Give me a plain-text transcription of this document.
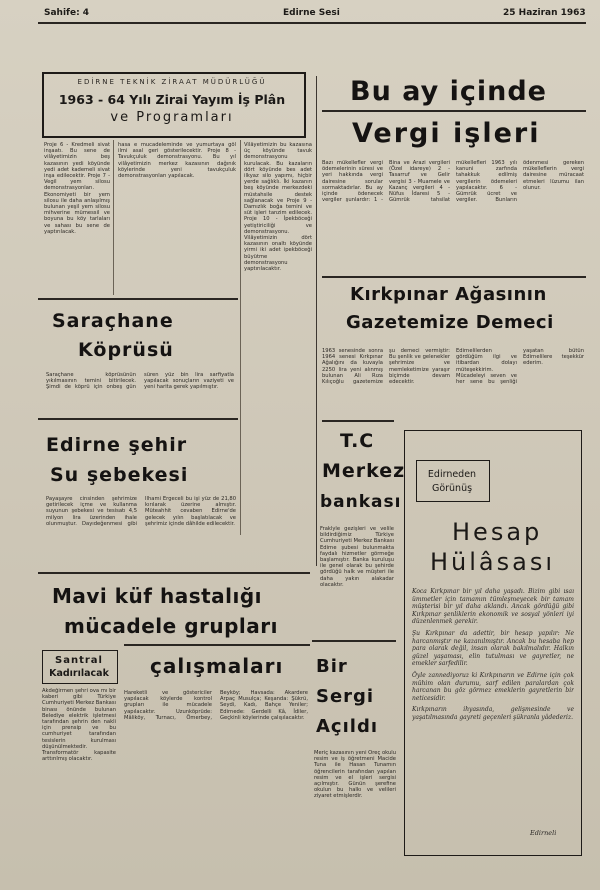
Sahife: 4	Edirne Sesi	25 Haziran 1963
EDİRNE TEKNİK ZİRAAT MÜDÜRLÜĞÜ
1963 - 64 Yılı Zirai Yayım İş Plân
ve Programları
Proje 6 - Kredmeli sivat inşaatı. Bu sene de vilâyetimizin beş kazasının yedi köyünde yedi adet kademeli sivat inşa edilecektir. Proje 7 - Vegil yem silosu demonstrasyonları. Ekonomiyeti bir yem silosu ile daha anlaşılmış bulunan yeşil yem silosu mihverine mümessil ve boyuna bu köy tarlaları ve sahası bu sene de yaptırılacak.
hasa e mucadeleminde ve yumurtaya göl ilmi asal geri gösterilecektir. Proje 8 - Tavukçuluk demonstrasyonu. Bu yıl vilâyetimizin merkez kazasının dağınık köylerinde yeni tavukçuluk demonstrasyonları yapılacak.
Vilâyetimizin bu kazasına üç köyünde tavuk demonstrasyonu kurulacak. Bu kazaların dört köyünde bes adet ilkyaz silo yapımı, hiçbir yerde sağlıklı. İki kazanın beş köyünde merkezdeki müstahsile destek sağlanacak ve Proje 9 - Damızlık boğa temini ve süt işleri tanzim edilecek. Proje 10 - İpekböceği yetiştiriciliği ve demonstrasyonu. Vilâyetimizin dört kazasının onaltı köyünde yirmi iki adet ipekböceği büyütme demonstrasyonu yaptırılacaktır.
Saraçhane
Köprüsü
Saraçhane köprüsünün yıkılmasının temini bitirilecek. Şimdi de köprü için onbeş gün süren yüz bin lira sarfiyatla yapılacak sonuçların vaziyeti ve yeni harita gerek yapılmıştır.
Edirne şehir
Su şebekesi
Payaşayre cinsinden şehrimize getirilecek içme ve kullanma suyunun şebekesi ve tesisatı 4,5 milyon lira üzerinden ihale olunmuştur. Dayıdeğenmesi gibi İlhami Ergeceli bu işi yüz de 21,80 kırılarak üzerine almıştır. Müteahhit cevaben Edirne'de gelecek yılın başlatılacak ve şehrimiz içinde dâhilde edilecektir.
Bu ay içinde
Vergi işleri
Bazı mükellefler vergi ödemelerinin süresi ve yeri hakkında vergi dairesine sorular sormaktadırlar. Bu ay içinde ödenecek vergiler şunlardır: 1 - Bina ve Arazi vergileri (Özel idareye) 2 - Tasarruf ve Gelir vergisi 3 - Muamele ve Kazanç vergileri 4 - Nüfus İdaresi 5 - Gümrük tahsilat mükellefleri 1963 yılı kanuni zarfında tahakkuk edilmiş vergilerin ödemeleri yapılacaktır. 6 - Gümrük ücret ve vergiler. Bunların ödenmesi gereken mükelleflerin vergi dairesine müracaat etmeleri lüzumu ilan olunur.
Kırkpınar Ağasının
Gazetemize Demeci
1963 senesinde sonra 1964 senesi Kırkpınar Ağalığını da kuvayla 2250 lira yeni alınmış bulunan Ali Rıza Kılıçoğlu gazetemize şu demeci vermiştir: Bu şenlik ve gelenekler şehrimize ve memleketimize yaraşır biçimde devam edecektir. Edirnelilerden gördüğüm ilgi ve itibardan dolayı müteşekkirim. Mücadeleyi seven ve her sene bu şenliği yaşatan bütün Edirnelilere teşekkür ederim.
T.C
Merkez
bankası
Fraklyle gezişleri ve velile bildirdiğimiz Türkiye Cumhuriyeti Merkez Bankası Edirne şubesi bulunmakta faydalı hizmetler görmeğe başlamıştır. Banka kuruluşu ile genel olarak bu şehirde gördüğü halk ve müşteri ile daha yakın alakadar olacaktır.
Edirneden
Görünüş
Hesap
Hülâsası

Koca Kırkpınar bir yıl daha yaşadı. Bizim gibi ısaı ümmetler için tamamın tümleşmeyecek bir tamam müşterisi bir yıl daha aklandı. Ancak gördüğü gibi Kırkpınar şenliklerin ekonomik ve sosyal yönleri iyi düzenlenmek gerekir.

Şu Kırkpınar da adettir, bir hesap yapılır: Ne harcanmıştır ne kazanılmıştır. Ancak bu hesaba hep para olarak değil, insan olarak bakılmalıdır. Halkın güzel yaşaması, elin tutulması ve gayretler, ne emekler sarfedilir.

Öyle zannediyoruz ki Kırkpınarın ve Edirne için çok mühim olan durumu, sarf edilen paralardan çok harcanan bu göz görmez emeklerin gayretlerin bir neticesidir.

Kırkpınarın ihyasında, gelişmesinde ve yaşatılmasında gayreti geçenleri şükranla yâdederiz.

Edirneli
Mavi küf hastalığı
mücadele grupları
çalışmaları
Hareketli ve göstericiler yapılacak köylerde kontrol grupları ile mücadele yapılacaktır. Uzunköprüde: Mâliköy, Turnacı, Ömerbey, Beyköy; Havsada: Akardere Arpaç Musulça; Keşanda: Şükrü, Seydi, Kadı, Bahçe Yeniler; Edirnede: Gerdelli Kâ, İdiler, Geçkinli köylerinde çalışılacaktır.
Santral
Kadırılacak
Akdeğirmen şehri ova mı bir kaberi gibi Türkiye Cumhuriyeti Merkez Bankası binası önünde bulunan Belediye elektrik işletmesi tarafından şehrin den nakli için prensip ve bu cumhuriyet tarafından tesislerin kurulması düşünülmektedir. Transformatör kapasite arttırılmış olacaktır.
Bir
Sergi
Açıldı
Meriç kazasının yeni Öreç okulu resim ve iş öğretmeni Macide Tuna ile Hasan Tunamın öğrencilerin tarafından yapılan resim ve el işleri sergisi açılmıştır. Günün şerefine okulun bu halkı ve velileri ziyaret etmişlerdir.
